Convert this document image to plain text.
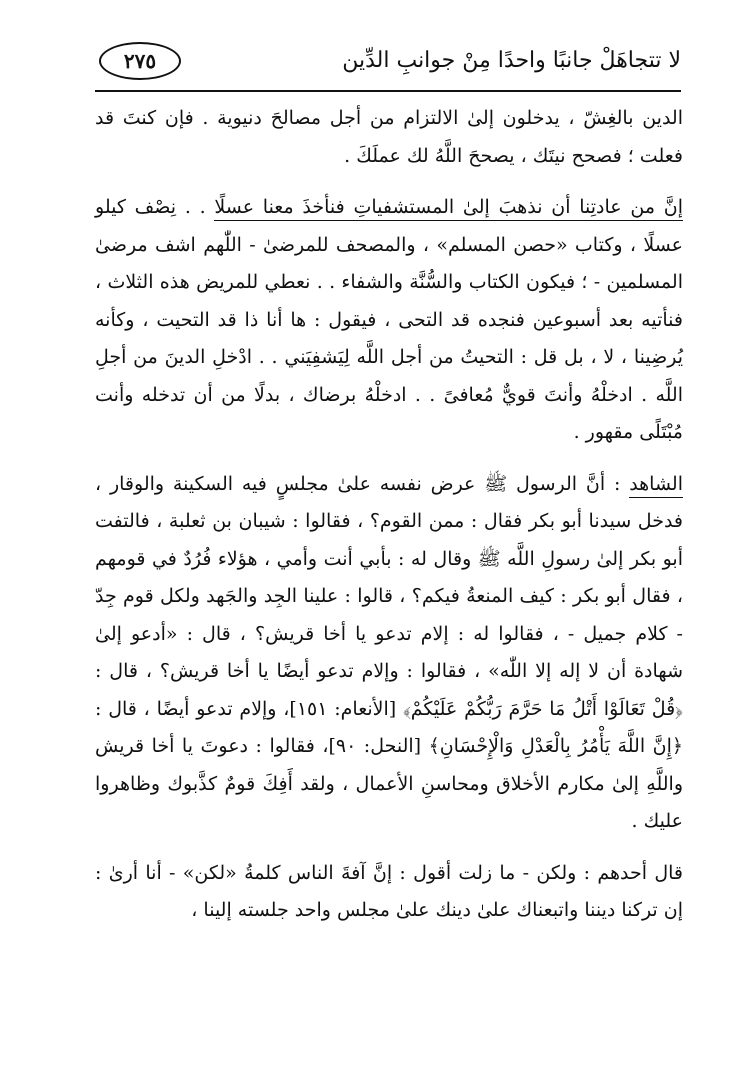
لا تتجاهَلْ جانبًا واحدًا مِنْ جوانبِ الدِّين
٢٧٥

الدين بالغِشّ ، يدخلون إلىٰ الالتزام من أجل مصالحَ دنيوية . فإن كنتَ قد فعلت ؛ فصحح نيتَك ، يصححَ اللَّهُ لك عملَكَ .

إنَّ من عادتِنا أن نذهبَ إلىٰ المستشفياتِ فنأخذَ معنا عسلًا . . نِصْف كيلو عسلًا ، وكتاب «حصن المسلم» ، والمصحف للمرضىٰ - اللّٰهم اشف مرضىٰ المسلمين - ؛ فيكون الكتاب والسُّنَّة والشفاء . . نعطي للمريض هذه الثلاث ، فنأتيه بعد أسبوعين فنجده قد التحى ، فيقول : ها أنا ذا قد التحيت ، وكأنه يُرضِينا ، لا ، بل قل : التحيتُ من أجل اللَّه لِيَشفِيَني . . ادْخلِ الدينَ من أجلِ اللَّه . ادخلْهُ وأنتَ قويٌّ مُعافىً . . ادخلْهُ برضاك ، بدلًا من أن تدخله وأنت مُبْتَلًى مقهور .

الشاهد : أنَّ الرسول ﷺ عرض نفسه علىٰ مجلسٍ فيه السكينة والوقار ، فدخل سيدنا أبو بكر فقال : ممن القوم؟ ، فقالوا : شيبان بن ثعلبة ، فالتفت أبو بكر إلىٰ رسولِ اللَّه ﷺ وقال له : بأبي أنت وأمي ، هؤلاء فُرُدٌ في قومهم ، فقال أبو بكر : كيف المنعةُ فيكم؟ ، قالوا : علينا الجِد والجَهد ولكل قوم جِدّ - كلام جميل - ، فقالوا له : إلام تدعو يا أخا قريش؟ ، قال : «أدعو إلىٰ شهادة أن لا إله إلا اللّٰه» ، فقالوا : وإلام تدعو أيضًا يا أخا قريش؟ ، قال : ﴿قُلْ تَعَالَوْا أَتْلُ مَا حَرَّمَ رَبُّكُمْ عَلَيْكُمْ﴾ [الأنعام: ١٥١]، وإلام تدعو أيضًا ، قال : ﴿إِنَّ اللَّهَ يَأْمُرُ بِالْعَدْلِ وَالْإِحْسَانِ﴾ [النحل: ٩٠]، فقالوا : دعوتَ يا أخا قريش واللَّهِ إلىٰ مكارم الأخلاق ومحاسنِ الأعمال ، ولقد أَفِكَ قومٌ كذَّبوك وظاهروا عليك .

قال أحدهم : ولكن - ما زلت أقول : إنَّ آفةَ الناس كلمةُ «لكن» - أنا أرىٰ : إن تركنا ديننا واتبعناك علىٰ دينك علىٰ مجلس واحد جلسته إلينا ،
